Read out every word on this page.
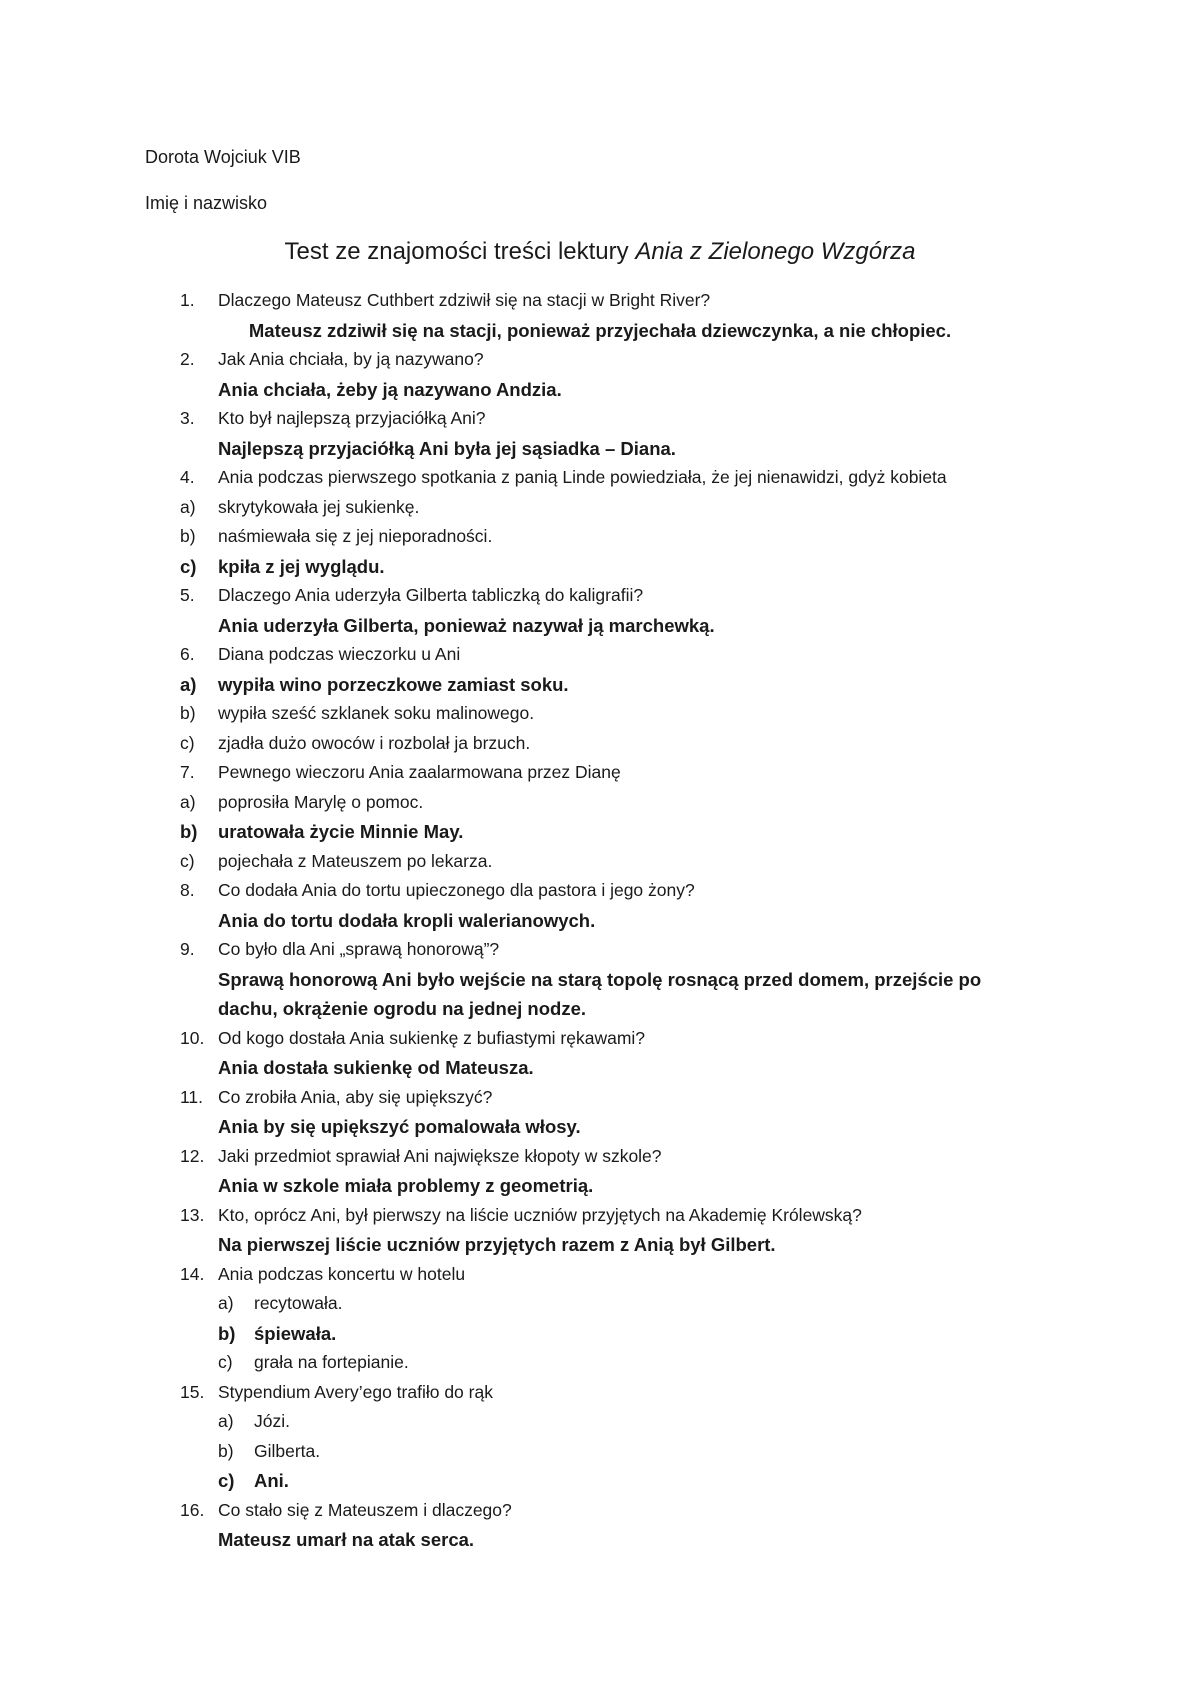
Dorota Wojciuk VIB
Imię i nazwisko
Test ze znajomości treści lektury Ania z Zielonego Wzgórza
1. Dlaczego Mateusz Cuthbert zdziwił się na stacji w Bright River?
Mateusz zdziwił się na stacji, ponieważ przyjechała dziewczynka, a nie chłopiec.
2. Jak Ania chciała, by ją nazywano?
Ania chciała, żeby ją nazywano Andzia.
3. Kto był najlepszą przyjaciółką Ani?
Najlepszą przyjaciółką Ani była jej sąsiadka – Diana.
4. Ania podczas pierwszego spotkania z panią Linde powiedziała, że jej nienawidzi, gdyż kobieta
a) skrytykowała jej sukienkę.
b) naśmiewała się z jej nieporadności.
c) kpiła z jej wyglądu.
5. Dlaczego Ania uderzyła Gilberta tabliczką do kaligrafii?
Ania uderzyła Gilberta, ponieważ nazywał ją marchewką.
6. Diana podczas wieczorku u Ani
a) wypiła wino porzeczkowe zamiast soku.
b) wypiła sześć szklanek soku malinowego.
c) zjadła dużo owoców i rozbolał ja brzuch.
7. Pewnego wieczoru Ania zaalarmowana przez Dianę
a) poprosiła Marylę o pomoc.
b) uratowała życie Minnie May.
c) pojechała z Mateuszem po lekarza.
8. Co dodała Ania do tortu upieczonego dla pastora i jego żony?
Ania do tortu dodała kropli walerianowych.
9. Co było dla Ani „sprawą honorową”?
Sprawą honorową Ani było wejście na starą topolę rosnącą przed domem, przejście po
dachu, okrążenie ogrodu na jednej nodze.
10. Od kogo dostała Ania sukienkę z bufiastymi rękawami?
Ania dostała sukienkę od Mateusza.
11. Co zrobiła Ania, aby się upiększyć?
Ania by się upiększyć pomalowała włosy.
12. Jaki przedmiot sprawiał Ani największe kłopoty w szkole?
Ania w szkole miała problemy z geometrią.
13. Kto, oprócz Ani, był pierwszy na liście uczniów przyjętych na Akademię Królewską?
Na pierwszej liście uczniów przyjętych razem z Anią był Gilbert.
14. Ania podczas koncertu w hotelu
a) recytowała.
b) śpiewała.
c) grała na fortepianie.
15. Stypendium Avery’ego trafiło do rąk
a) Józi.
b) Gilberta.
c) Ani.
16. Co stało się z Mateuszem i dlaczego?
Mateusz umarł na atak serca.
